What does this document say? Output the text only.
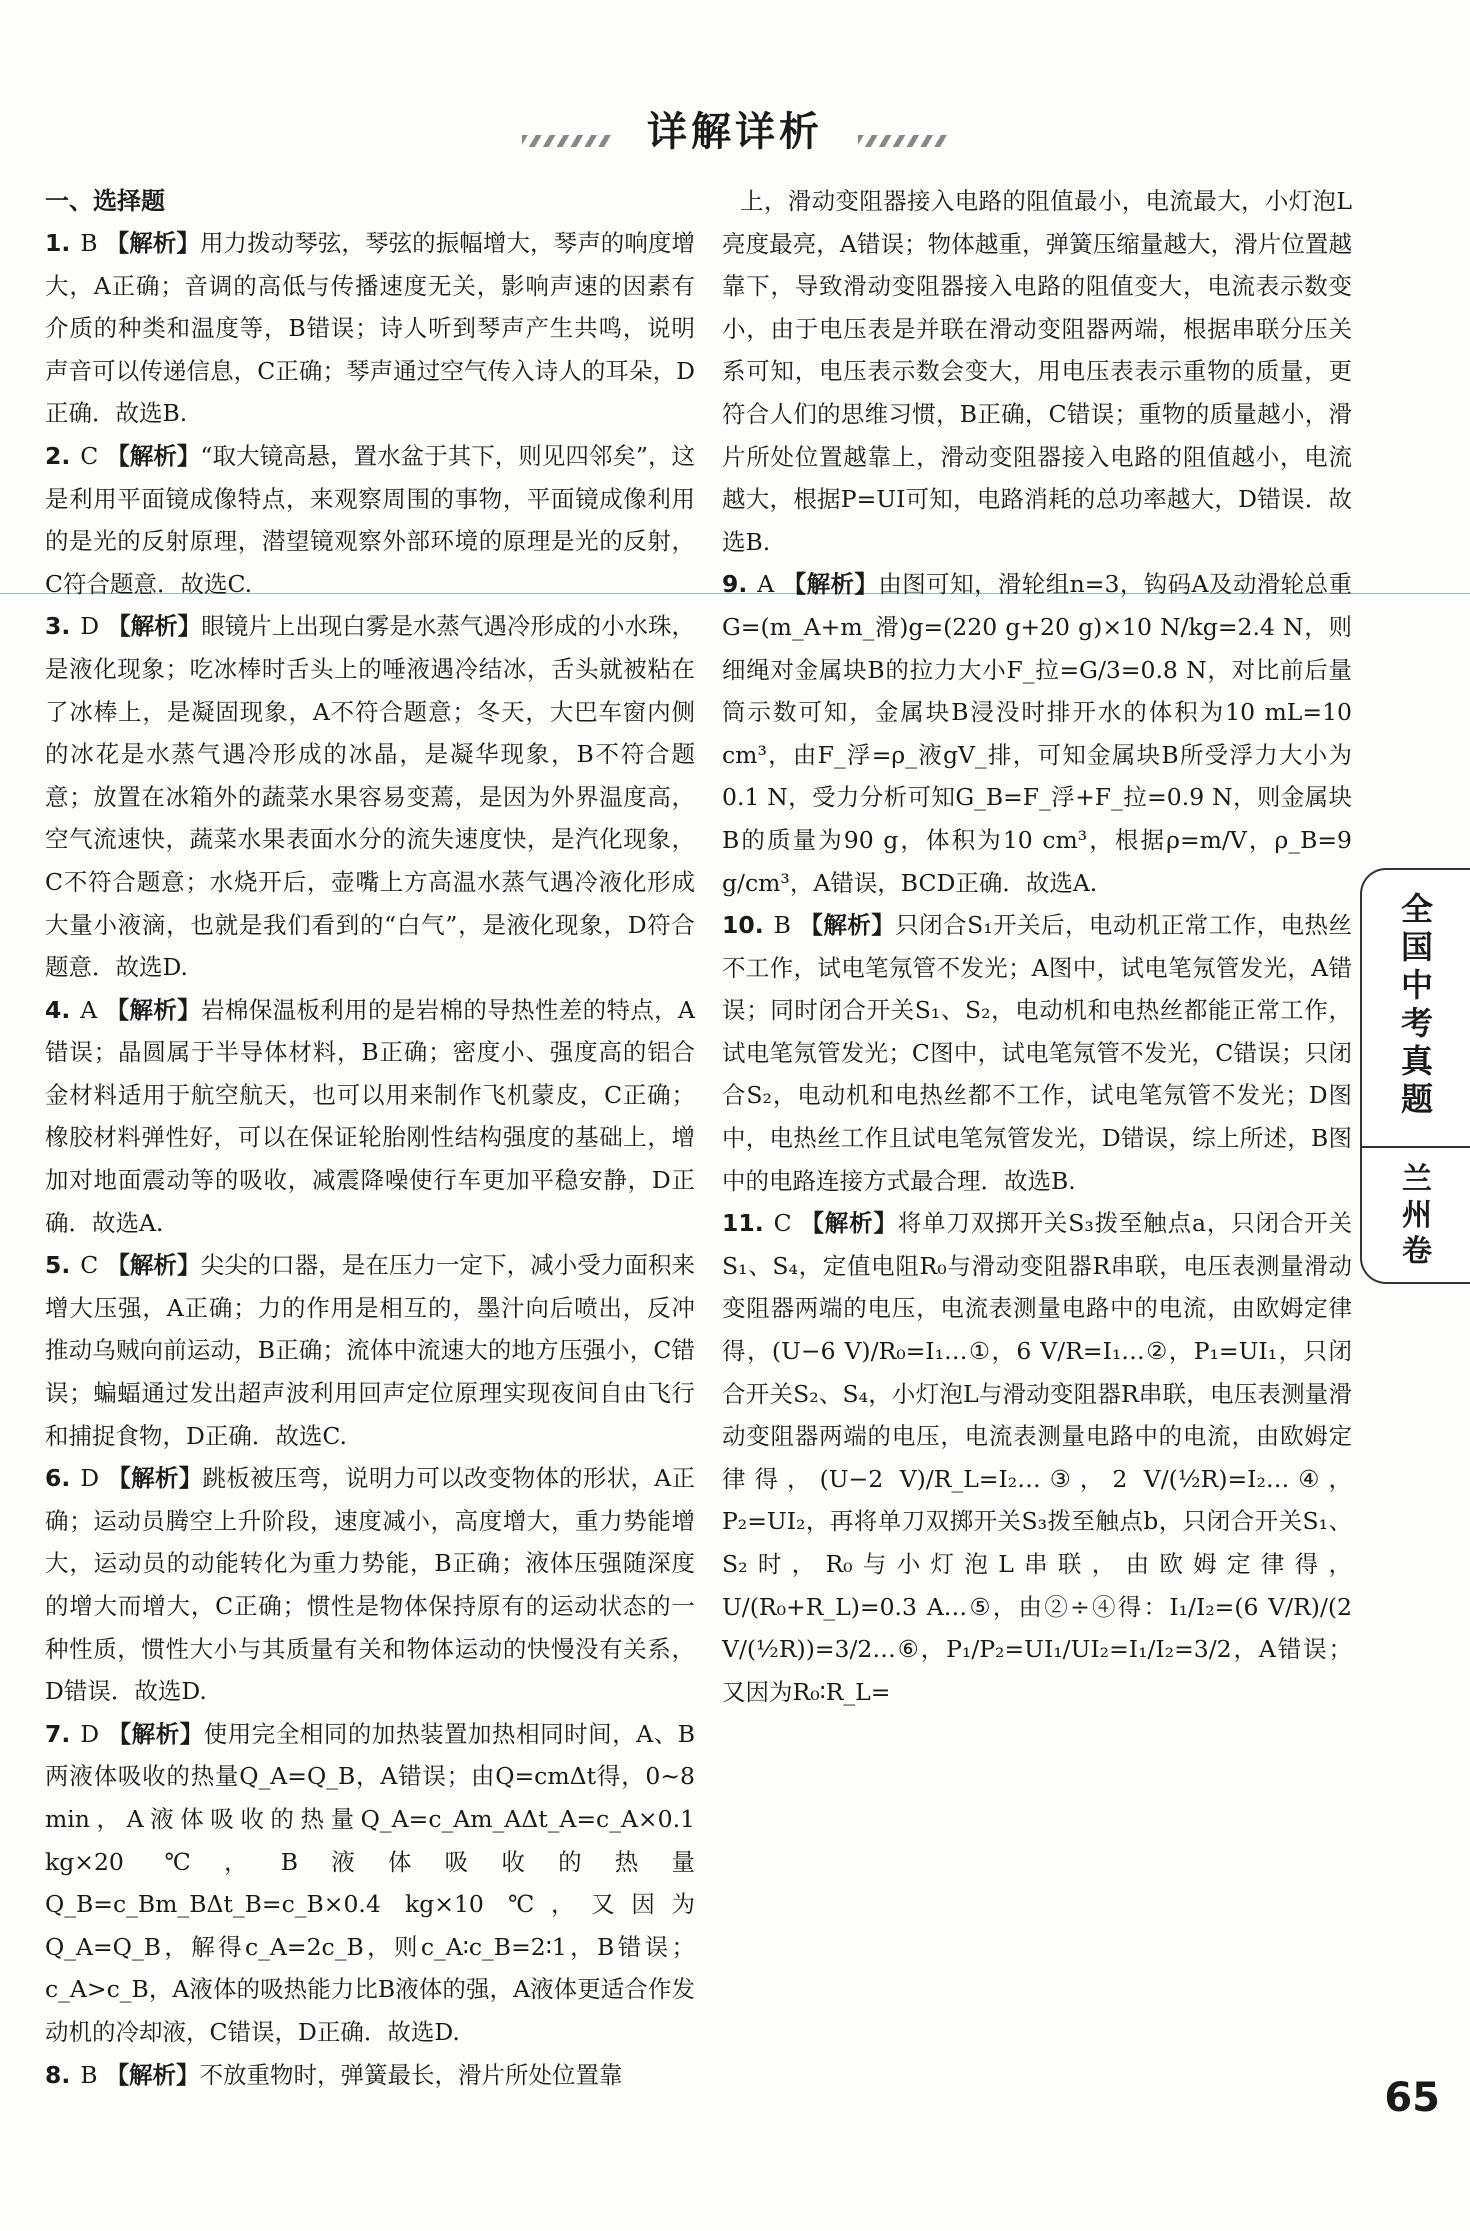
详解详析
一、选择题

1. B 【解析】用力拨动琴弦，琴弦的振幅增大，琴声的响度增大，A正确；音调的高低与传播速度无关，影响声速的因素有介质的种类和温度等，B错误；诗人听到琴声产生共鸣，说明声音可以传递信息，C正确；琴声通过空气传入诗人的耳朵，D正确．故选B.

2. C 【解析】“取大镜高悬，置水盆于其下，则见四邻矣”，这是利用平面镜成像特点，来观察周围的事物，平面镜成像利用的是光的反射原理，潜望镜观察外部环境的原理是光的反射，C符合题意．故选C.

3. D 【解析】眼镜片上出现白雾是水蒸气遇冷形成的小水珠，是液化现象；吃冰棒时舌头上的唾液遇冷结冰，舌头就被粘在了冰棒上，是凝固现象，A不符合题意；冬天，大巴车窗内侧的冰花是水蒸气遇冷形成的冰晶，是凝华现象，B不符合题意；放置在冰箱外的蔬菜水果容易变蔫，是因为外界温度高，空气流速快，蔬菜水果表面水分的流失速度快，是汽化现象，C不符合题意；水烧开后，壶嘴上方高温水蒸气遇冷液化形成大量小液滴，也就是我们看到的“白气”，是液化现象，D符合题意．故选D.

4. A 【解析】岩棉保温板利用的是岩棉的导热性差的特点，A错误；晶圆属于半导体材料，B正确；密度小、强度高的铝合金材料适用于航空航天，也可以用来制作飞机蒙皮，C正确；橡胶材料弹性好，可以在保证轮胎刚性结构强度的基础上，增加对地面震动等的吸收，减震降噪使行车更加平稳安静，D正确．故选A.

5. C 【解析】尖尖的口器，是在压力一定下，减小受力面积来增大压强，A正确；力的作用是相互的，墨汁向后喷出，反冲推动乌贼向前运动，B正确；流体中流速大的地方压强小，C错误；蝙蝠通过发出超声波利用回声定位原理实现夜间自由飞行和捕捉食物，D正确．故选C.

6. D 【解析】跳板被压弯，说明力可以改变物体的形状，A正确；运动员腾空上升阶段，速度减小，高度增大，重力势能增大，运动员的动能转化为重力势能，B正确；液体压强随深度的增大而增大，C正确；惯性是物体保持原有的运动状态的一种性质，惯性大小与其质量有关和物体运动的快慢没有关系，D错误．故选D.

7. D 【解析】使用完全相同的加热装置加热相同时间，A、B两液体吸收的热量Q_A=Q_B，A错误；由Q=cmΔt得，0~8 min，A液体吸收的热量Q_A=c_Am_AΔt_A=c_A×0.1 kg×20 ℃，B液体吸收的热量Q_B=c_Bm_BΔt_B=c_B×0.4 kg×10 ℃，又因为Q_A=Q_B，解得c_A=2c_B，则c_A∶c_B=2∶1，B错误；c_A>c_B，A液体的吸热能力比B液体的强，A液体更适合作发动机的冷却液，C错误，D正确．故选D.

8. B 【解析】不放重物时，弹簧最长，滑片所处位置靠

上，滑动变阻器接入电路的阻值最小，电流最大，小灯泡L亮度最亮，A错误；物体越重，弹簧压缩量越大，滑片位置越靠下，导致滑动变阻器接入电路的阻值变大，电流表示数变小，由于电压表是并联在滑动变阻器两端，根据串联分压关系可知，电压表示数会变大，用电压表表示重物的质量，更符合人们的思维习惯，B正确，C错误；重物的质量越小，滑片所处位置越靠上，滑动变阻器接入电路的阻值越小，电流越大，根据P=UI可知，电路消耗的总功率越大，D错误．故选B.

9. A 【解析】由图可知，滑轮组n=3，钩码A及动滑轮总重G=(m_A+m_滑)g=(220 g+20 g)×10 N/kg=2.4 N，则细绳对金属块B的拉力大小F_拉=G/3=0.8 N，对比前后量筒示数可知，金属块B浸没时排开水的体积为10 mL=10 cm³，由F_浮=ρ_液gV_排，可知金属块B所受浮力大小为0.1 N，受力分析可知G_B=F_浮+F_拉=0.9 N，则金属块B的质量为90 g，体积为10 cm³，根据ρ=m/V，ρ_B=9 g/cm³，A错误，BCD正确．故选A.

10. B 【解析】只闭合S₁开关后，电动机正常工作，电热丝不工作，试电笔氖管不发光；A图中，试电笔氖管发光，A错误；同时闭合开关S₁、S₂，电动机和电热丝都能正常工作，试电笔氖管发光；C图中，试电笔氖管不发光，C错误；只闭合S₂，电动机和电热丝都不工作，试电笔氖管不发光；D图中，电热丝工作且试电笔氖管发光，D错误，综上所述，B图中的电路连接方式最合理．故选B.

11. C 【解析】将单刀双掷开关S₃拨至触点a，只闭合开关S₁、S₄，定值电阻R₀与滑动变阻器R串联，电压表测量滑动变阻器两端的电压，电流表测量电路中的电流，由欧姆定律得，(U−6 V)/R₀=I₁…①，6 V/R=I₁…②，P₁=UI₁，只闭合开关S₂、S₄，小灯泡L与滑动变阻器R串联，电压表测量滑动变阻器两端的电压，电流表测量电路中的电流，由欧姆定律得，(U−2 V)/R_L=I₂…③，2 V/(½R)=I₂…④，P₂=UI₂，再将单刀双掷开关S₃拨至触点b，只闭合开关S₁、S₂时，R₀与小灯泡L串联，由欧姆定律得，U/(R₀+R_L)=0.3 A…⑤，由②÷④得：I₁/I₂=(6 V/R)/(2 V/(½R))=3/2…⑥，P₁/P₂=UI₁/UI₂=I₁/I₂=3/2，A错误；又因为R₀∶R_L=

全国中考真题
兰州卷
65
